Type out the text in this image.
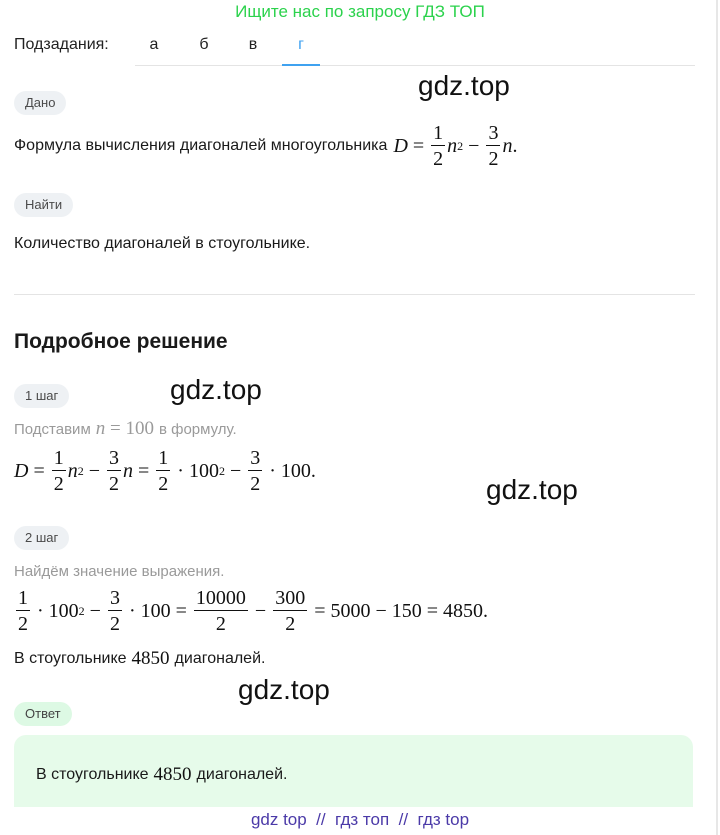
Ищите нас по запросу ГДЗ ТОП
Подзадания:	а	б	в	г
gdz.top
gdz.top
gdz.top
gdz.top
Дано
Формула вычисления диагоналей многоугольника $D = \frac{1}{2}$ n $2 - \frac{3}{2}$ n .
Найти
Количество диагоналей в стоугольнике.
Подробное решение
1 шаг
Подставим n = 100 в формулу.
$D = \frac{1}{2}$ n $2 - \frac{3}{2}$ $n = \frac{1}{2} \cdot 100$ $2 - \frac{3}{2} \cdot 100$.
2 шаг
Найдём значение выражения.
$\frac{1}{2} \cdot 100$ $2 - \frac{3}{2} \cdot 100 = \frac{10000}{2} - \frac{300}{2} = 5000 - 150 = 4850$.
В стоугольнике 4850 диагоналей.
Ответ
В стоугольнике 4850 диагоналей.
gdz top  //  гдз топ  //  гдз top
